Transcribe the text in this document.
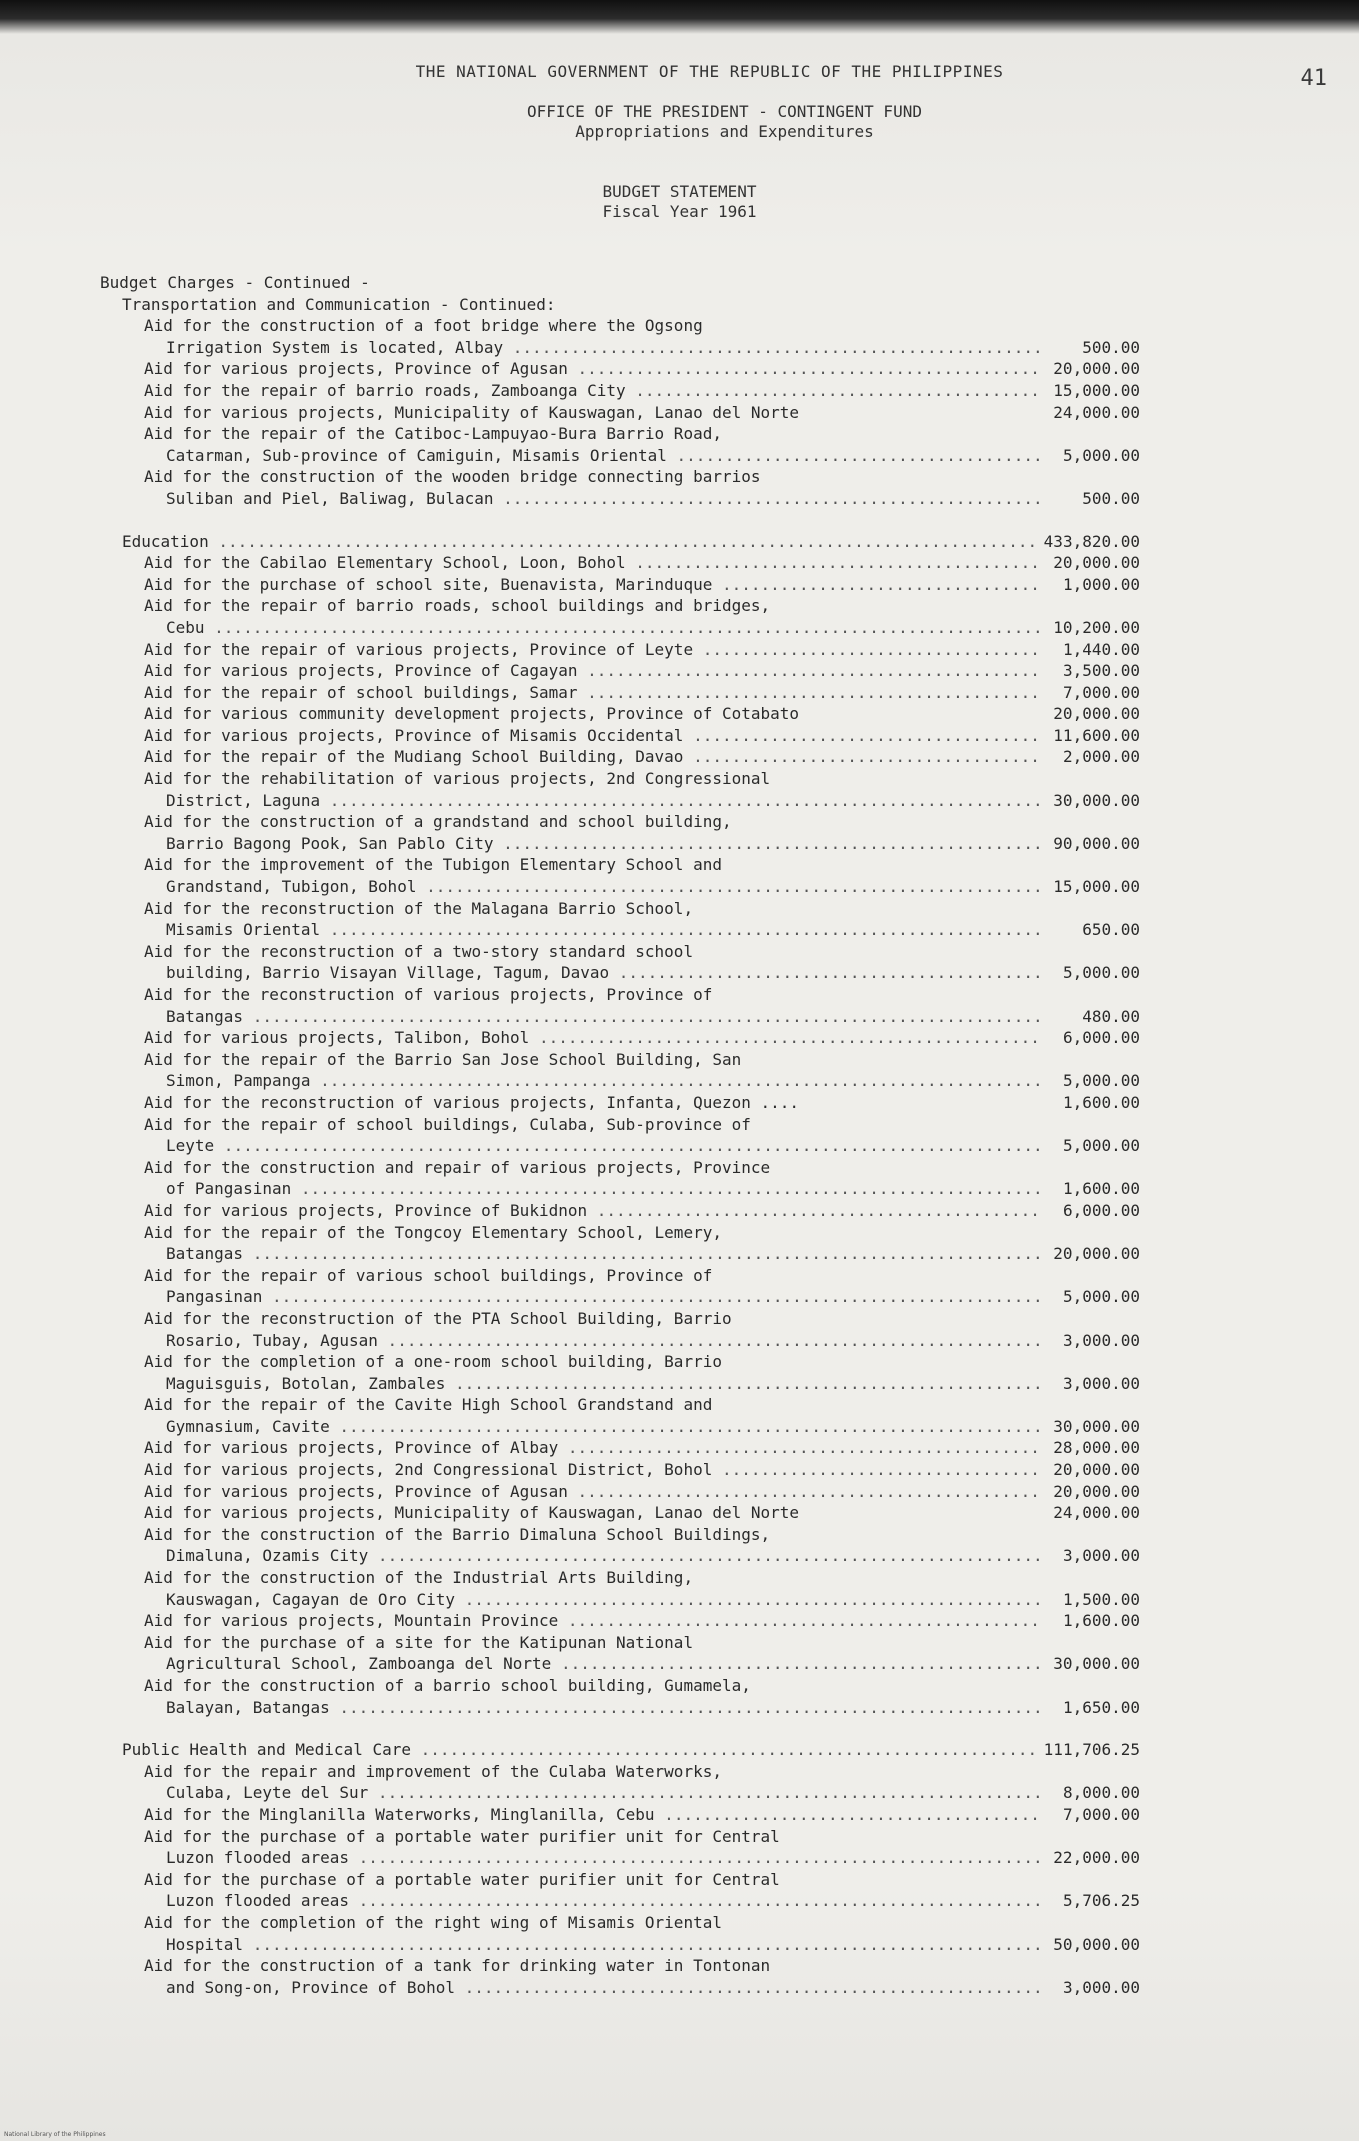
41
THE NATIONAL GOVERNMENT OF THE REPUBLIC OF THE PHILIPPINES
OFFICE OF THE PRESIDENT - CONTINGENT FUND
Appropriations and Expenditures
BUDGET STATEMENT
Fiscal Year 1961
Budget Charges - Continued -
Transportation and Communication - Continued:
Aid for the construction of a foot bridge where the Ogsong
Irrigation System is located, Albay .....	500.00
Aid for various projects, Province of Agusan .....	20,000.00
Aid for the repair of barrio roads, Zamboanga City .....	15,000.00
Aid for various projects, Municipality of Kauswagan, Lanao del Norte	24,000.00
Aid for the repair of the Catiboc-Lampuyao-Bura Barrio Road,
Catarman, Sub-province of Camiguin, Misamis Oriental .....	5,000.00
Aid for the construction of the wooden bridge connecting barrios
Suliban and Piel, Baliwag, Bulacan .....	500.00
Education .....	433,820.00
Aid for the Cabilao Elementary School, Loon, Bohol .....	20,000.00
Aid for the purchase of school site, Buenavista, Marinduque .....	1,000.00
Aid for the repair of barrio roads, school buildings and bridges,
Cebu .....	10,200.00
Aid for the repair of various projects, Province of Leyte .....	1,440.00
Aid for various projects, Province of Cagayan .....	3,500.00
Aid for the repair of school buildings, Samar .....	7,000.00
Aid for various community development projects, Province of Cotabato	20,000.00
Aid for various projects, Province of Misamis Occidental .....	11,600.00
Aid for the repair of the Mudiang School Building, Davao .....	2,000.00
Aid for the rehabilitation of various projects, 2nd Congressional
District, Laguna .....	30,000.00
Aid for the construction of a grandstand and school building,
Barrio Bagong Pook, San Pablo City .....	90,000.00
Aid for the improvement of the Tubigon Elementary School and
Grandstand, Tubigon, Bohol .....	15,000.00
Aid for the reconstruction of the Malagana Barrio School,
Misamis Oriental .....	650.00
Aid for the reconstruction of a two-story standard school
building, Barrio Visayan Village, Tagum, Davao .....	5,000.00
Aid for the reconstruction of various projects, Province of
Batangas .....	480.00
Aid for various projects, Talibon, Bohol .....	6,000.00
Aid for the repair of the Barrio San Jose School Building, San
Simon, Pampanga .....	5,000.00
Aid for the reconstruction of various projects, Infanta, Quezon ....	1,600.00
Aid for the repair of school buildings, Culaba, Sub-province of
Leyte .....	5,000.00
Aid for the construction and repair of various projects, Province
of Pangasinan .....	1,600.00
Aid for various projects, Province of Bukidnon .....	6,000.00
Aid for the repair of the Tongcoy Elementary School, Lemery,
Batangas .....	20,000.00
Aid for the repair of various school buildings, Province of
Pangasinan .....	5,000.00
Aid for the reconstruction of the PTA School Building, Barrio
Rosario, Tubay, Agusan .....	3,000.00
Aid for the completion of a one-room school building, Barrio
Maguisguis, Botolan, Zambales .....	3,000.00
Aid for the repair of the Cavite High School Grandstand and
Gymnasium, Cavite .....	30,000.00
Aid for various projects, Province of Albay .....	28,000.00
Aid for various projects, 2nd Congressional District, Bohol .....	20,000.00
Aid for various projects, Province of Agusan .....	20,000.00
Aid for various projects, Municipality of Kauswagan, Lanao del Norte	24,000.00
Aid for the construction of the Barrio Dimaluna School Buildings,
Dimaluna, Ozamis City .....	3,000.00
Aid for the construction of the Industrial Arts Building,
Kauswagan, Cagayan de Oro City .....	1,500.00
Aid for various projects, Mountain Province .....	1,600.00
Aid for the purchase of a site for the Katipunan National
Agricultural School, Zamboanga del Norte .....	30,000.00
Aid for the construction of a barrio school building, Gumamela,
Balayan, Batangas .....	1,650.00
Public Health and Medical Care .....	111,706.25
Aid for the repair and improvement of the Culaba Waterworks,
Culaba, Leyte del Sur .....	8,000.00
Aid for the Minglanilla Waterworks, Minglanilla, Cebu .....	7,000.00
Aid for the purchase of a portable water purifier unit for Central
Luzon flooded areas .....	22,000.00
Aid for the purchase of a portable water purifier unit for Central
Luzon flooded areas .....	5,706.25
Aid for the completion of the right wing of Misamis Oriental
Hospital .....	50,000.00
Aid for the construction of a tank for drinking water in Tontonan
and Song-on, Province of Bohol .....	3,000.00
National Library of the Philippines
